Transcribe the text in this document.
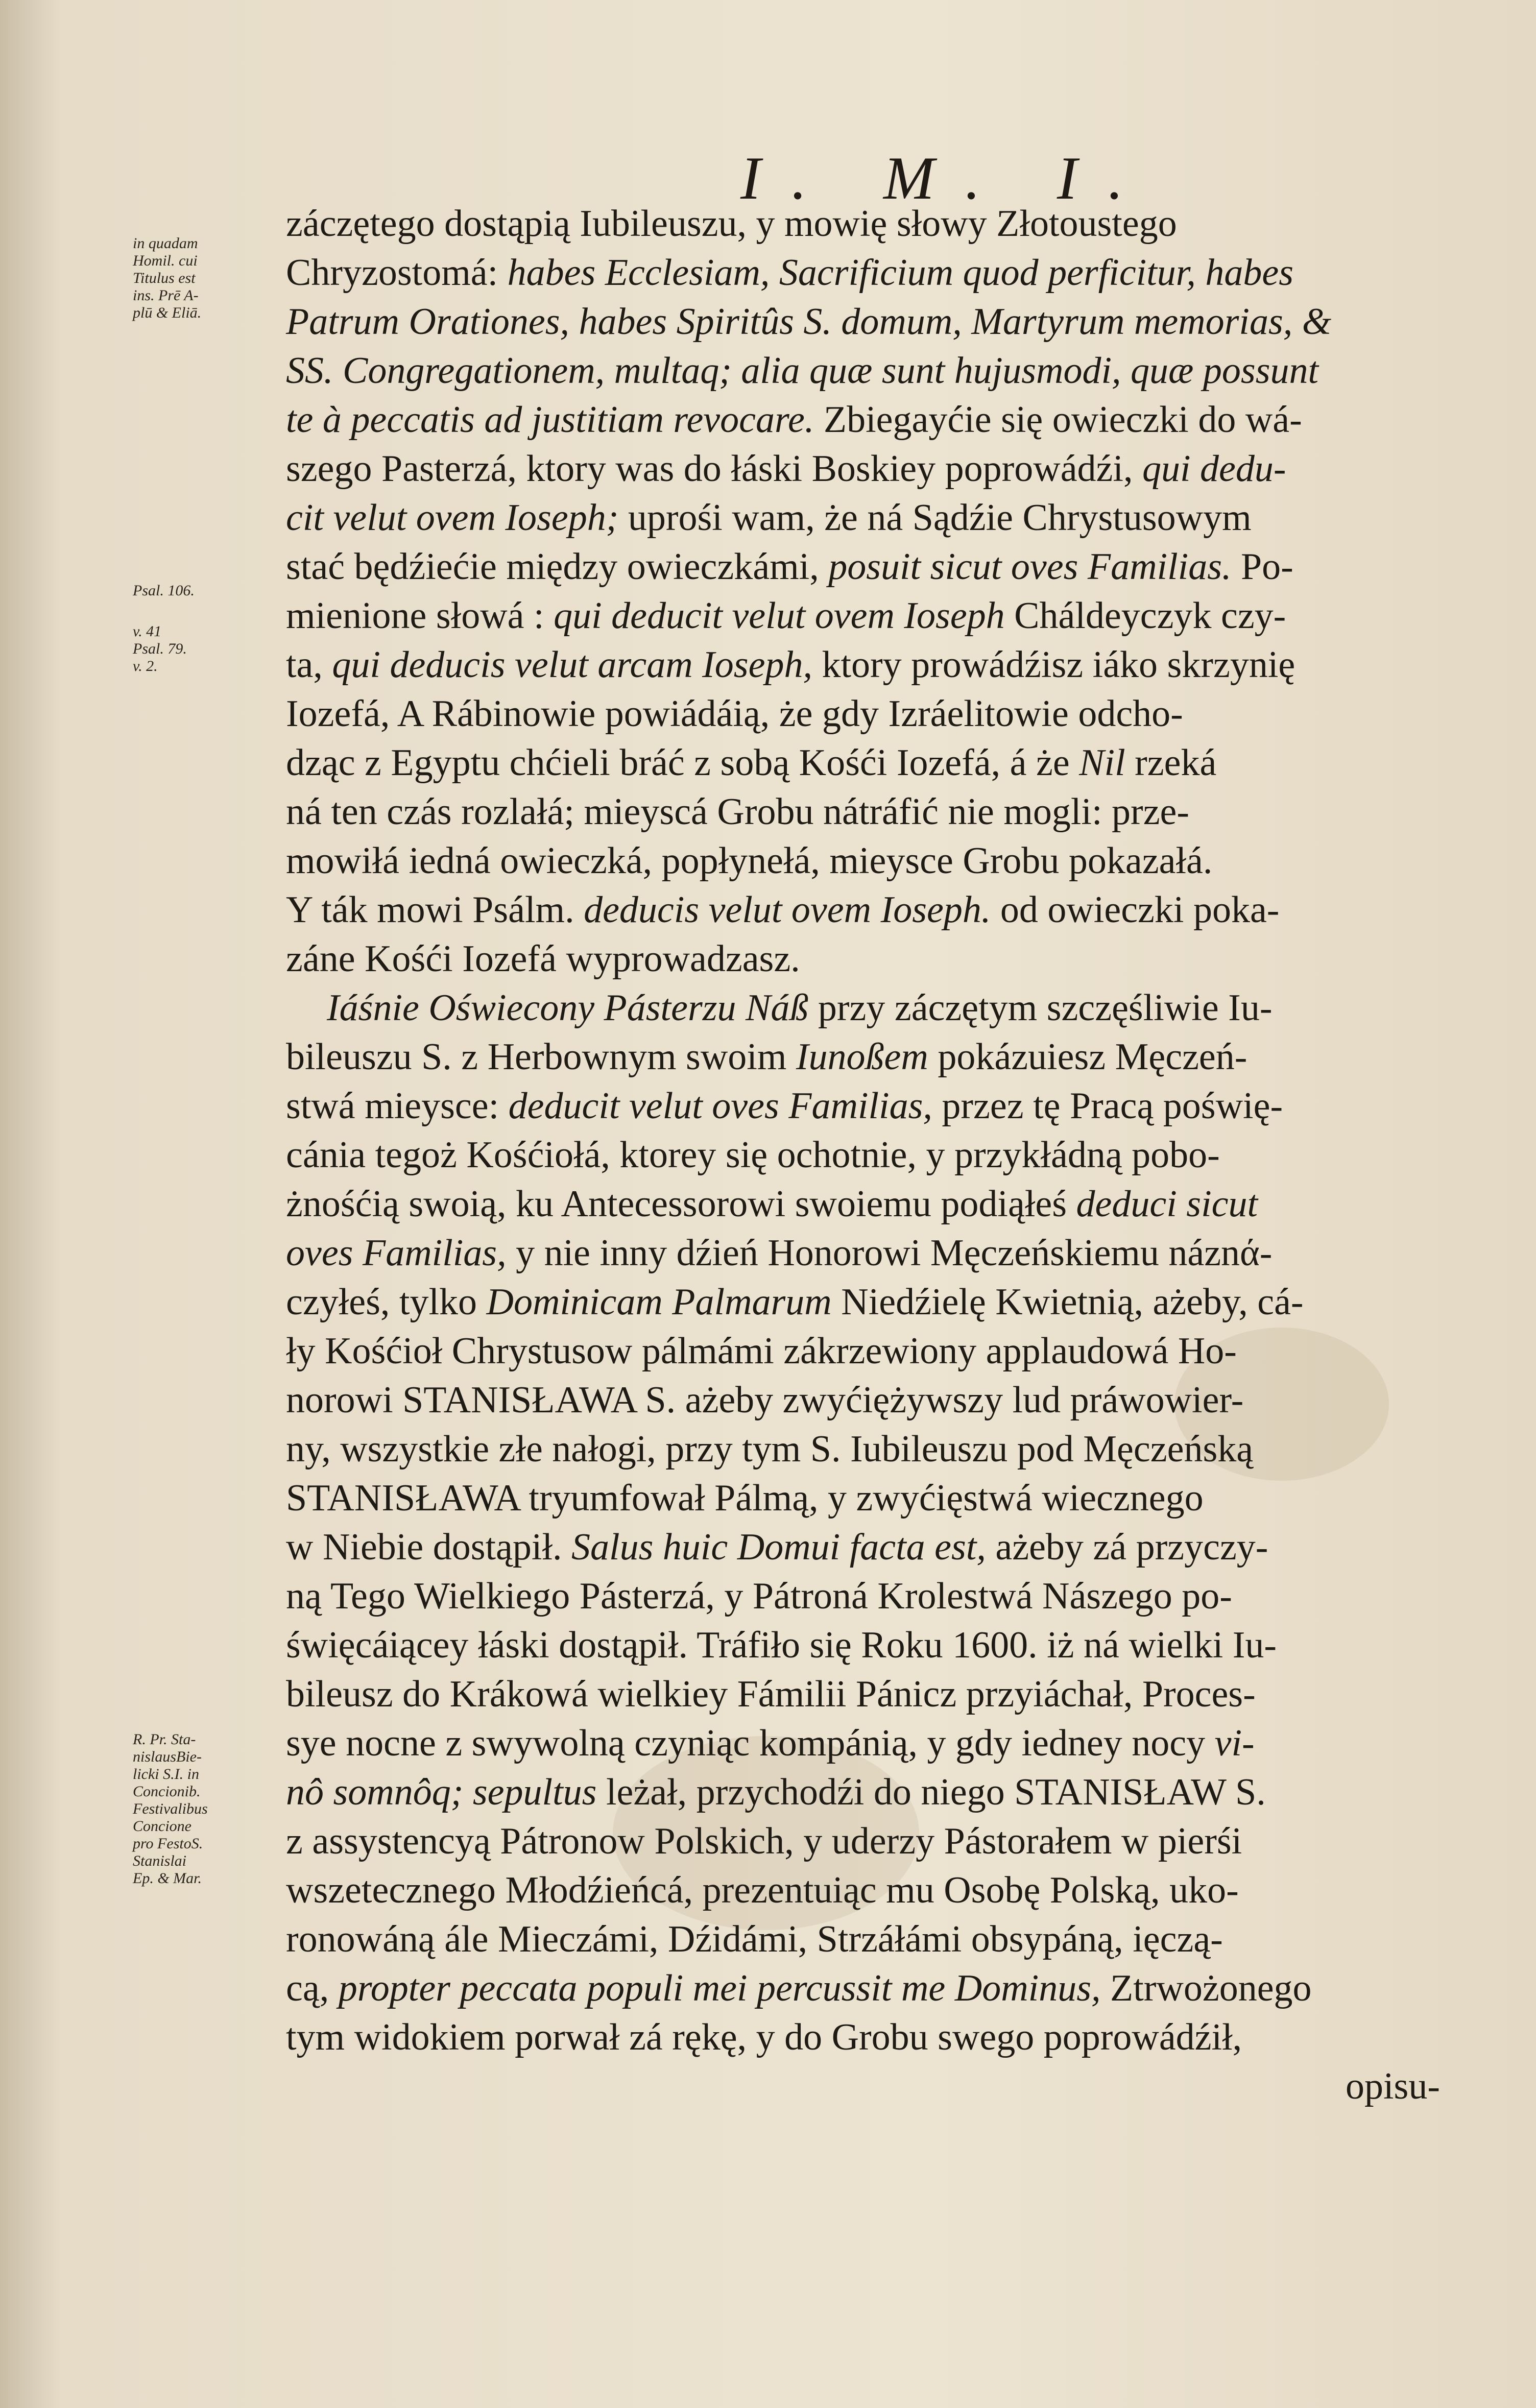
I. M. I.
in quadam
Homil. cui
Titulus est
ins. Prē A-
plū & Eliā.
Psal. 106.
v. 41
Psal. 79.
v. 2.
R. Pr. Sta-
nislausBie-
licki S.I. in
Concionib.
Festivalibus
Concione
pro FestoS.
Stanislai
Ep. & Mar.
záczętego dostąpią Iubileuszu, y mowię słowy Złotoustego
Chryzostomá: habes Ecclesiam, Sacrificium quod perficitur, habes
Patrum Orationes, habes Spiritûs S. domum, Martyrum memorias, &
SS. Congregationem, multaq; alia quæ sunt hujusmodi, quæ possunt
te à peccatis ad justitiam revocare. Zbiegayćie się owieczki do wá-
szego Pasterzá, ktory was do łáski Boskiey poprowádźi, qui dedu-
cit velut ovem Ioseph; uprośi wam, że ná Sądźie Chrystusowym
stać będźiećie między owieczkámi, posuit sicut oves Familias. Po-
mienione słowá : qui deducit velut ovem Ioseph Cháldeyczyk czy-
ta, qui deducis velut arcam Ioseph, ktory prowádźisz iáko skrzynię
Iozefá, A Rábinowie powiádáią, że gdy Izráelitowie odcho-
dząc z Egyptu chćieli bráć z sobą Kośći Iozefá, á że Nil rzeká
ná ten czás rozlałá; mieyscá Grobu nátráfić nie mogli: prze-
mowiłá iedná owieczká, popłynełá, mieysce Grobu pokazałá.
Y ták mowi Psálm. deducis velut ovem Ioseph. od owieczki poka-
záne Kośći Iozefá wyprowadzasz.
Iáśnie Oświecony Pásterzu Náß przy záczętym szczęśliwie Iu-
bileuszu S. z Herbownym swoim Iunoßem pokázuiesz Męczeń-
stwá mieysce: deducit velut oves Familias, przez tę Pracą poświę-
cánia tegoż Kośćiołá, ktorey się ochotnie, y przykłádną pobo-
żnośćią swoią, ku Antecessorowi swoiemu podiąłeś deduci sicut
oves Familias, y nie inny dźień Honorowi Męczeńskiemu náznά-
czyłeś, tylko Dominicam Palmarum Niedźielę Kwietnią, ażeby, cá-
ły Kośćioł Chrystusow pálmámi zákrzewiony applaudowá Ho-
norowi STANISŁAWA S. ażeby zwyćiężywszy lud práwowier-
ny, wszystkie złe nałogi, przy tym S. Iubileuszu pod Męczeńską
STANISŁAWA tryumfował Pálmą, y zwyćięstwá wiecznego
w Niebie dostąpił. Salus huic Domui facta est, ażeby zá przyczy-
ną Tego Wielkiego Pásterzá, y Pátroná Krolestwá Nászego po-
święcáiącey łáski dostąpił. Tráfiło się Roku 1600. iż ná wielki Iu-
bileusz do Krákowá wielkiey Fámilii Pánicz przyiáchał, Proces-
sye nocne z swywolną czyniąc kompánią, y gdy iedney nocy vi-
nô somnôq; sepultus leżał, przychodźi do niego STANISŁAW S.
z assystencyą Pátronow Polskich, y uderzy Pástorałem w pierśi
wszetecznego Młodźieńcá, prezentuiąc mu Osobę Polską, uko-
ronowáną ále Mieczámi, Dźidámi, Strzáłámi obsypáną, ięczą-
cą, propter peccata populi mei percussit me Dominus, Ztrwożonego
tym widokiem porwał zá rękę, y do Grobu swego poprowádźił,
opisu-
